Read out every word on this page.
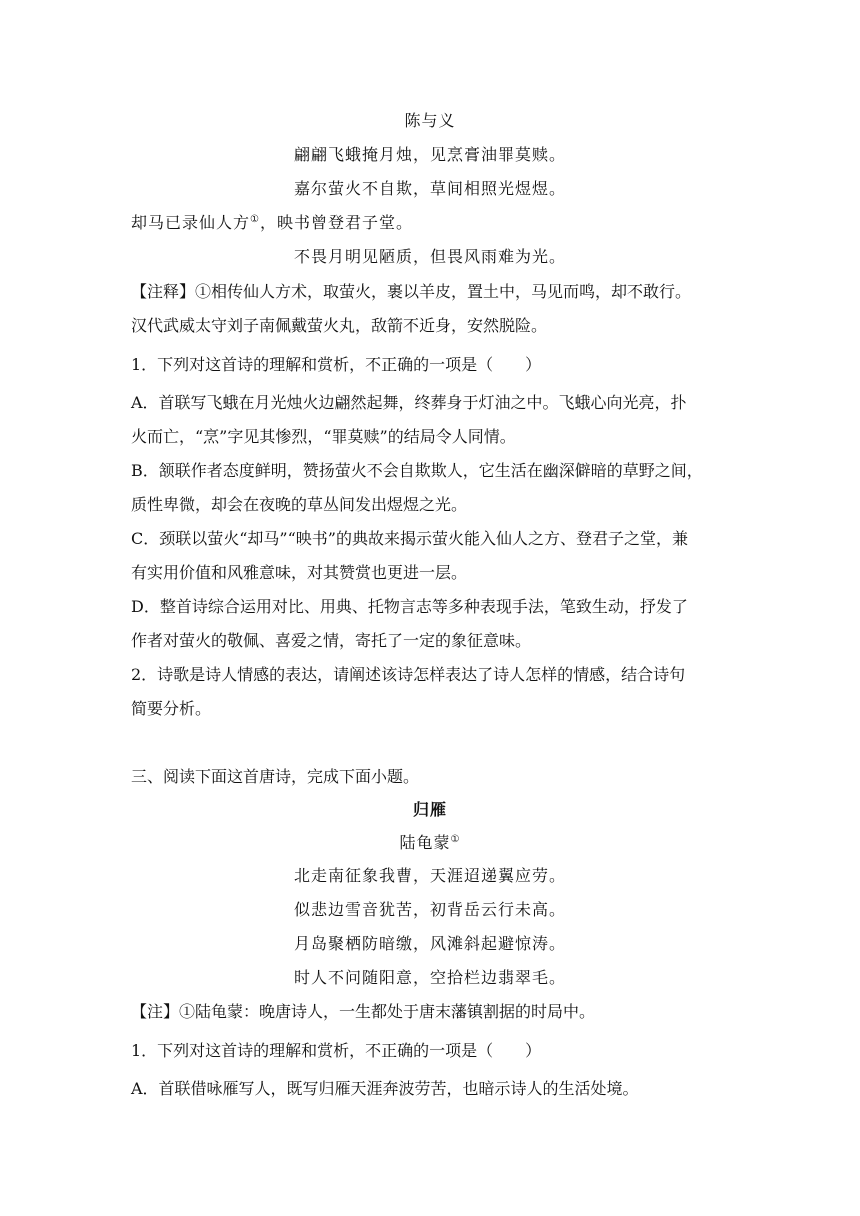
陈与义
翩翩飞蛾掩月烛，见烹膏油罪莫赎。
嘉尔萤火不自欺，草间相照光煜煜。
却马已录仙人方①，映书曾登君子堂。
不畏月明见陋质，但畏风雨难为光。
【注释】①相传仙人方术，取萤火，裹以羊皮，置土中，马见而鸣，却不敢行。
汉代武威太守刘子南佩戴萤火丸，敌箭不近身，安然脱险。
1．下列对这首诗的理解和赏析，不正确的一项是（　　）
A．首联写飞蛾在月光烛火边翩然起舞，终葬身于灯油之中。飞蛾心向光亮，扑
火而亡，“烹”字见其惨烈，“罪莫赎”的结局令人同情。
B．颔联作者态度鲜明，赞扬萤火不会自欺欺人，它生活在幽深僻暗的草野之间，
质性卑微，却会在夜晚的草丛间发出煜煜之光。
C．颈联以萤火“却马”“映书”的典故来揭示萤火能入仙人之方、登君子之堂，兼
有实用价值和风雅意味，对其赞赏也更进一层。
D．整首诗综合运用对比、用典、托物言志等多种表现手法，笔致生动，抒发了
作者对萤火的敬佩、喜爱之情，寄托了一定的象征意味。
2．诗歌是诗人情感的表达，请阐述该诗怎样表达了诗人怎样的情感，结合诗句
简要分析。
三、阅读下面这首唐诗，完成下面小题。
归雁
陆龟蒙①
北走南征象我曹，天涯迢递翼应劳。
似悲边雪音犹苦，初背岳云行未高。
月岛聚栖防暗缴，风滩斜起避惊涛。
时人不问随阳意，空拾栏边翡翠毛。
【注】①陆龟蒙：晚唐诗人，一生都处于唐末藩镇割据的时局中。
1．下列对这首诗的理解和赏析，不正确的一项是（　　）
A．首联借咏雁写人，既写归雁天涯奔波劳苦，也暗示诗人的生活处境。
